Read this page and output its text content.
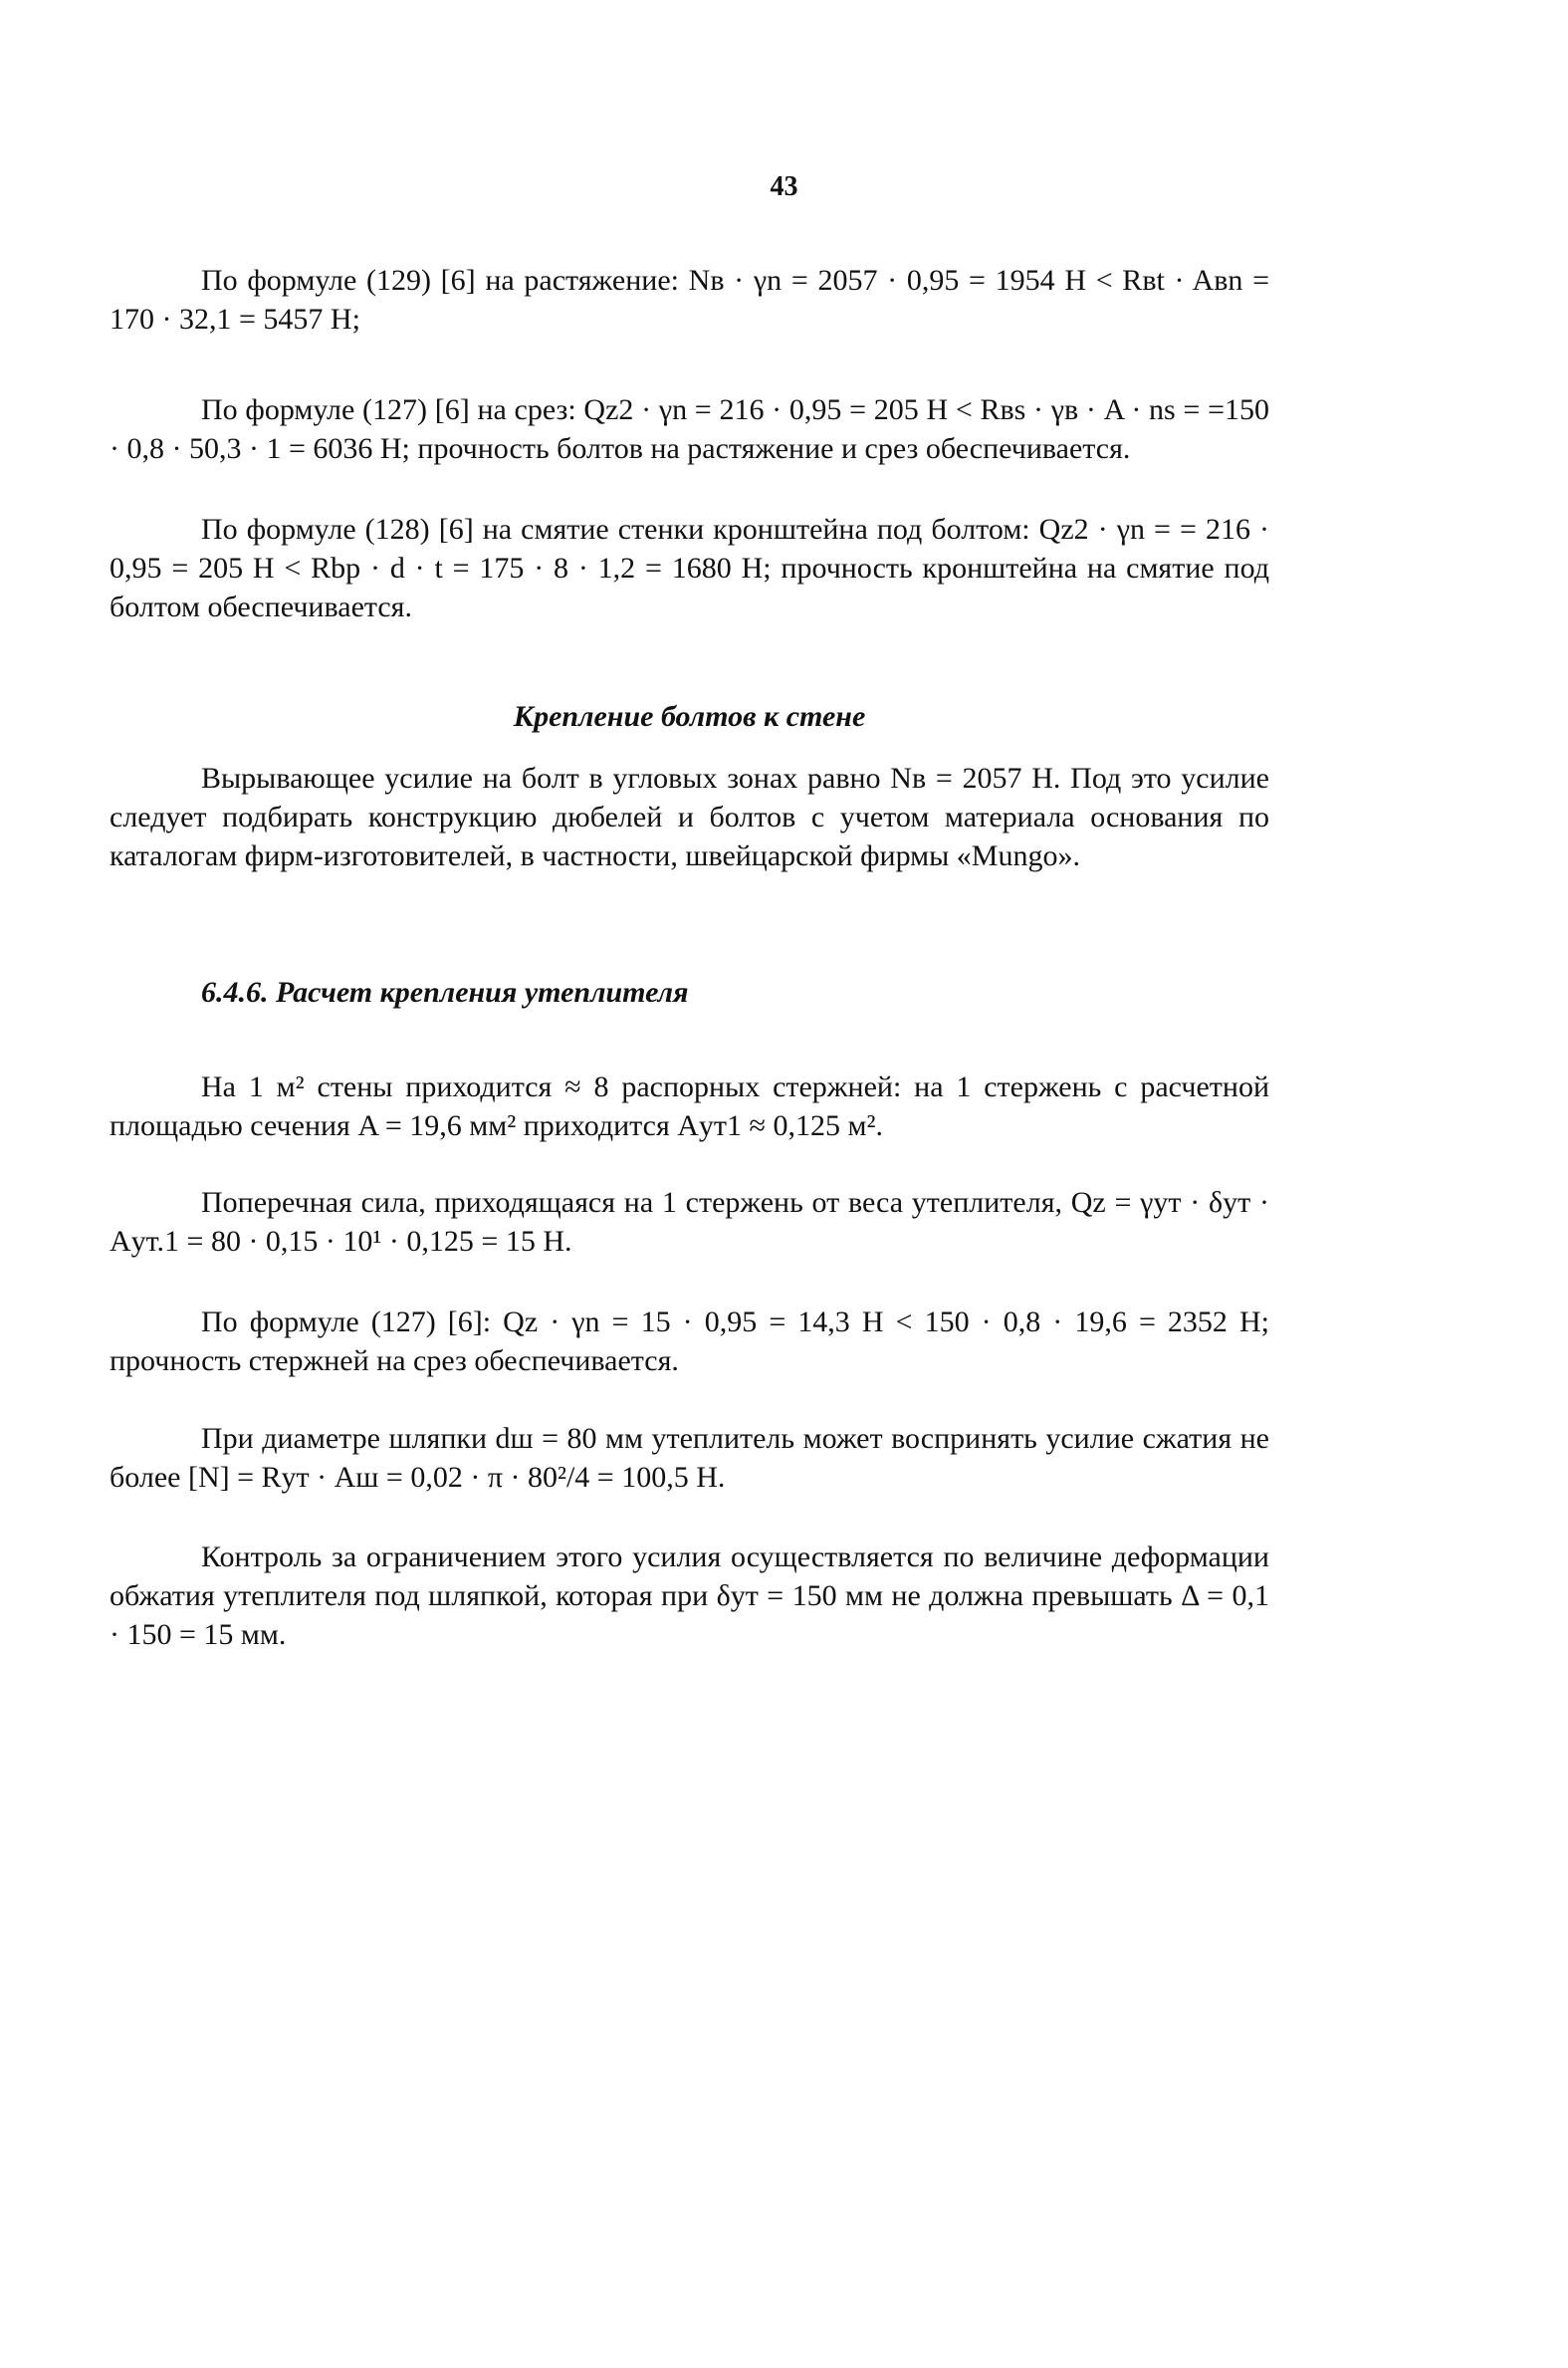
43

По формуле (129) [6] на растяжение: Nв · γn = 2057 · 0,95 = 1954 Н < Rвt · Aвn = 170 · 32,1 = 5457 Н;

По формуле (127) [6] на срез: Qz2 · γn = 216 · 0,95 = 205 Н < Rвs · γв · A · ns = =150 · 0,8 · 50,3 · 1 = 6036 Н; прочность болтов на растяжение и срез обеспечивается.

По формуле (128) [6] на смятие стенки кронштейна под болтом: Qz2 · γn = = 216 · 0,95 = 205 Н < Rbp · d · t = 175 · 8 · 1,2 = 1680 Н; прочность кронштейна на смятие под болтом обеспечивается.

Крепление болтов к стене

Вырывающее усилие на болт в угловых зонах равно Nв = 2057 Н. Под это усилие следует подбирать конструкцию дюбелей и болтов с учетом материала основания по каталогам фирм-изготовителей, в частности, швейцарской фирмы «Mungo».

6.4.6. Расчет крепления утеплителя

На 1 м² стены приходится ≈ 8 распорных стержней: на 1 стержень с расчетной площадью сечения A = 19,6 мм² приходится Aут1 ≈ 0,125 м².

Поперечная сила, приходящаяся на 1 стержень от веса утеплителя, Qz = γут · δут · Aут.1 = 80 · 0,15 · 10¹ · 0,125 = 15 Н.

По формуле (127) [6]: Qz · γn = 15 · 0,95 = 14,3 Н < 150 · 0,8 · 19,6 = 2352 Н; прочность стержней на срез обеспечивается.

При диаметре шляпки dш = 80 мм утеплитель может воспринять усилие сжатия не более [N] = Rут · Aш = 0,02 · π · 80²/4 = 100,5 Н.

Контроль за ограничением этого усилия осуществляется по величине деформации обжатия утеплителя под шляпкой, которая при δут = 150 мм не должна превышать Δ = 0,1 · 150 = 15 мм.
